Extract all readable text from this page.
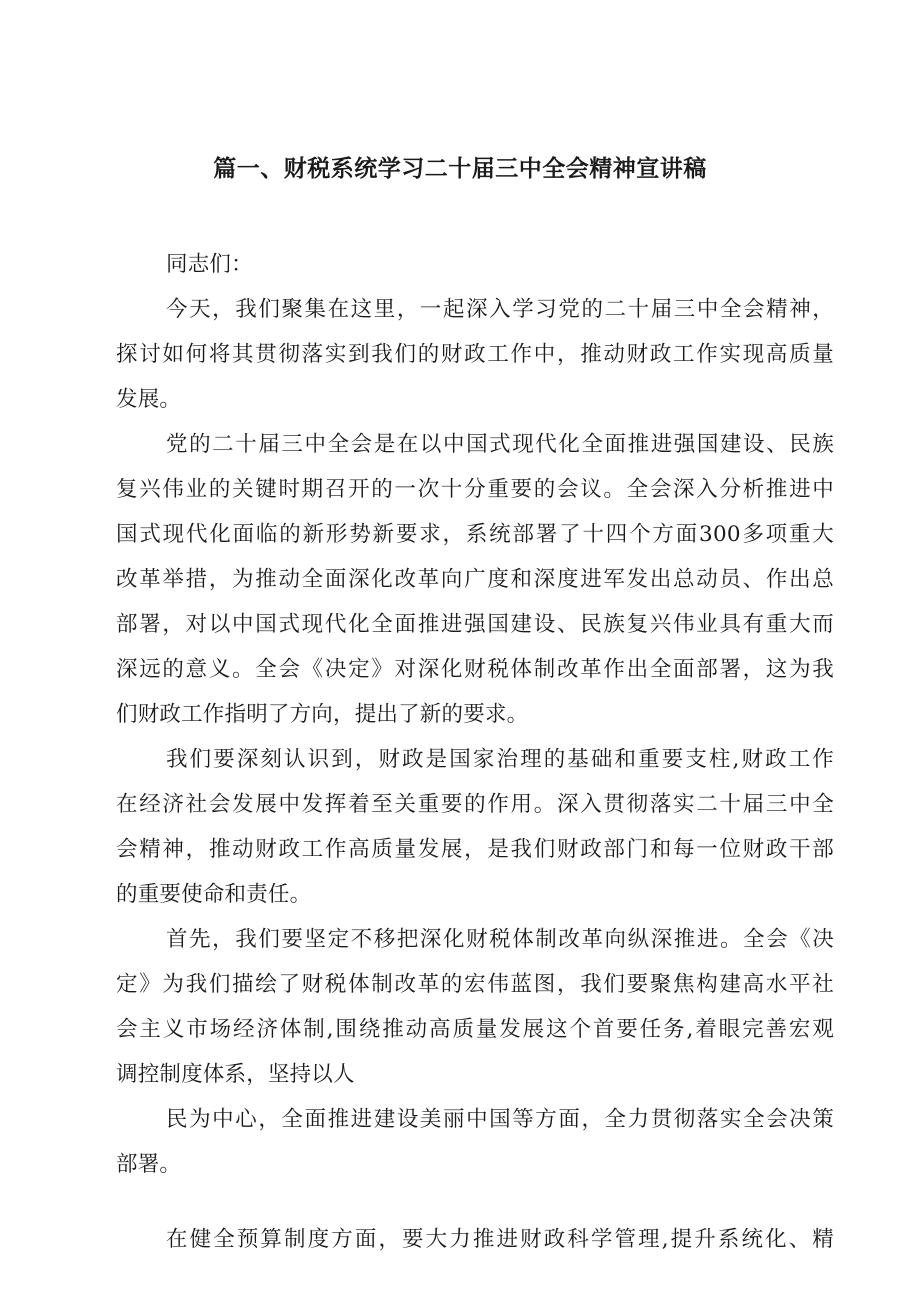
篇一、财税系统学习二十届三中全会精神宣讲稿
同志们：
今天，我们聚集在这里，一起深入学习党的二十届三中全会精神，
探讨如何将其贯彻落实到我们的财政工作中，推动财政工作实现高质量
发展。
党的二十届三中全会是在以中国式现代化全面推进强国建设、民族
复兴伟业的关键时期召开的一次十分重要的会议。全会深入分析推进中
国式现代化面临的新形势新要求，系统部署了十四个方面300多项重大
改革举措，为推动全面深化改革向广度和深度进军发出总动员、作出总
部署，对以中国式现代化全面推进强国建设、民族复兴伟业具有重大而
深远的意义。全会《决定》对深化财税体制改革作出全面部署，这为我
们财政工作指明了方向，提出了新的要求。
我们要深刻认识到，财政是国家治理的基础和重要支柱,财政工作
在经济社会发展中发挥着至关重要的作用。深入贯彻落实二十届三中全
会精神，推动财政工作高质量发展，是我们财政部门和每一位财政干部
的重要使命和责任。
首先，我们要坚定不移把深化财税体制改革向纵深推进。全会《决
定》为我们描绘了财税体制改革的宏伟蓝图，我们要聚焦构建高水平社
会主义市场经济体制,围绕推动高质量发展这个首要任务,着眼完善宏观
调控制度体系，坚持以人
民为中心，全面推进建设美丽中国等方面，全力贯彻落实全会决策
部署。
在健全预算制度方面，要大力推进财政科学管理,提升系统化、精
